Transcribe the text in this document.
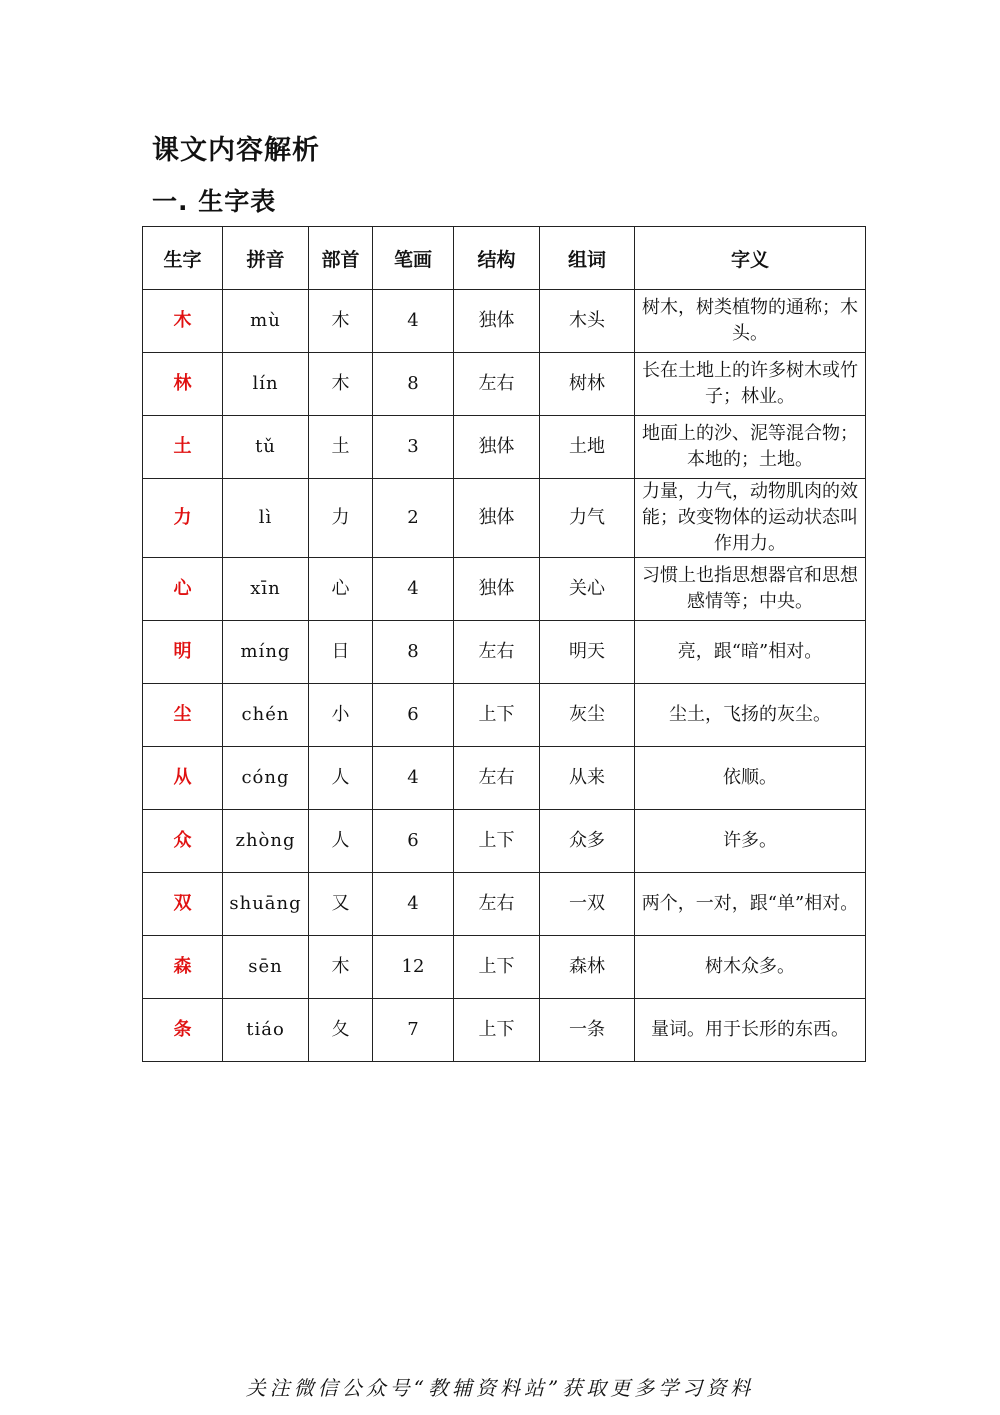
课文内容解析
一. 生字表
生字	拼音	部首	笔画	结构	组词	字义
木	mù	木	4	独体	木头	树木，树类植物的通称；木头。
林	lín	木	8	左右	树林	长在土地上的许多树木或竹子；林业。
土	tǔ	土	3	独体	土地	地面上的沙、泥等混合物；本地的；土地。
力	lì	力	2	独体	力气	力量，力气，动物肌肉的效能；改变物体的运动状态叫作用力。
心	xīn	心	4	独体	关心	习惯上也指思想器官和思想感情等；中央。
明	míng	日	8	左右	明天	亮，跟“暗”相对。
尘	chén	小	6	上下	灰尘	尘土，飞扬的灰尘。
从	cóng	人	4	左右	从来	依顺。
众	zhòng	人	6	上下	众多	许多。
双	shuāng	又	4	左右	一双	两个，一对，跟“单”相对。
森	sēn	木	12	上下	森林	树木众多。
条	tiáo	夂	7	上下	一条	量词。用于长形的东西。
关注微信公众号“教辅资料站”获取更多学习资料
